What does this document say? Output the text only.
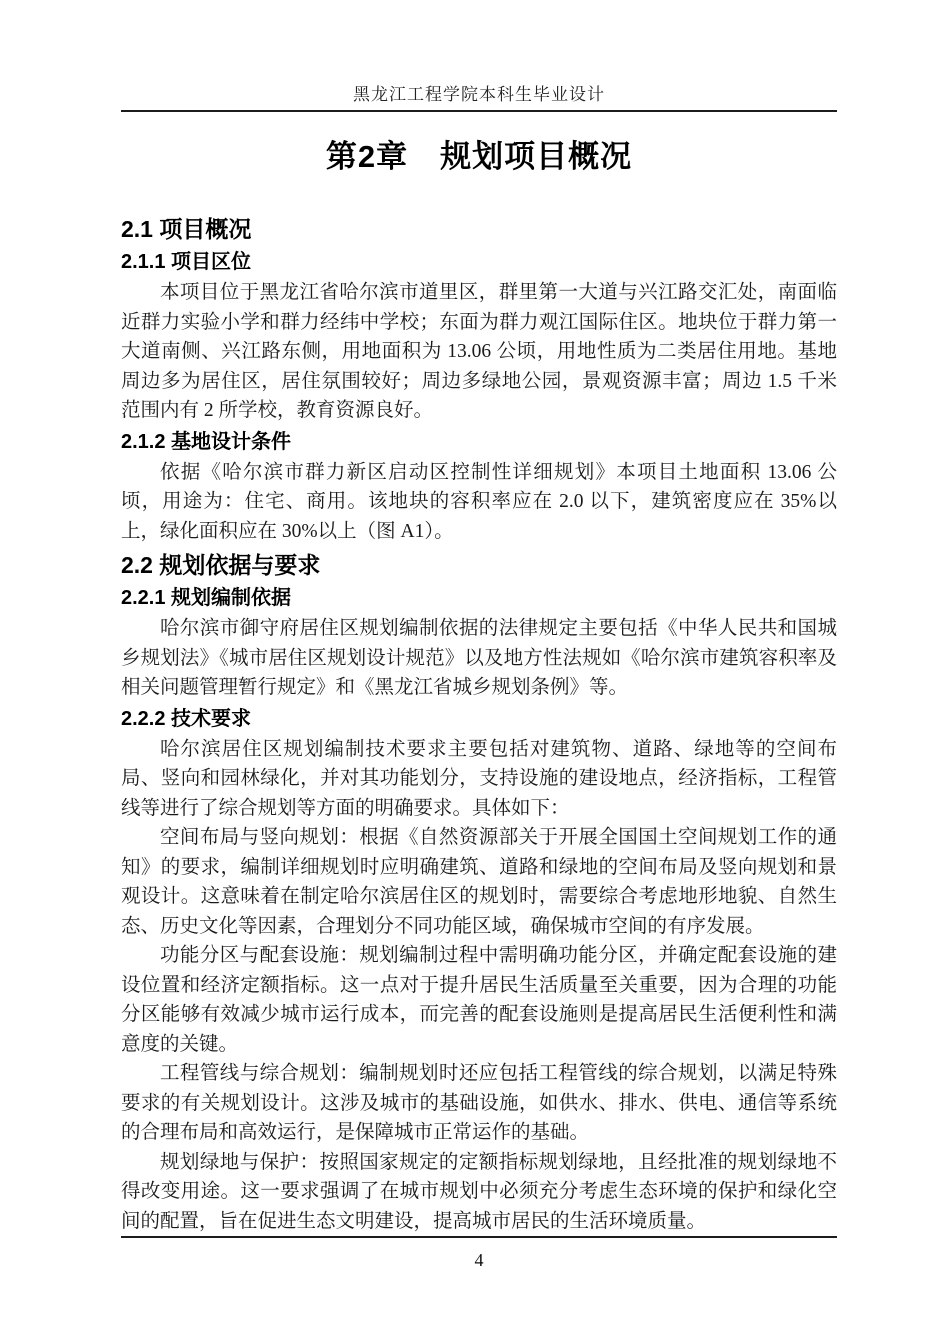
黑龙江工程学院本科生毕业设计
第2章　规划项目概况
2.1 项目概况
2.1.1 项目区位

本项目位于黑龙江省哈尔滨市道里区，群里第一大道与兴江路交汇处，南面临近群力实验小学和群力经纬中学校；东面为群力观江国际住区。地块位于群力第一大道南侧、兴江路东侧，用地面积为 13.06 公顷，用地性质为二类居住用地。基地周边多为居住区，居住氛围较好；周边多绿地公园，景观资源丰富；周边 1.5 千米范围内有 2 所学校，教育资源良好。

2.1.2 基地设计条件

依据《哈尔滨市群力新区启动区控制性详细规划》本项目土地面积 13.06 公顷，用途为：住宅、商用。该地块的容积率应在 2.0 以下，建筑密度应在 35%以上，绿化面积应在 30%以上（图 A1）。

2.2 规划依据与要求
2.2.1 规划编制依据

哈尔滨市御守府居住区规划编制依据的法律规定主要包括《中华人民共和国城乡规划法》《城市居住区规划设计规范》以及地方性法规如《哈尔滨市建筑容积率及相关问题管理暂行规定》和《黑龙江省城乡规划条例》等。

2.2.2 技术要求

哈尔滨居住区规划编制技术要求主要包括对建筑物、道路、绿地等的空间布局、竖向和园林绿化，并对其功能划分，支持设施的建设地点，经济指标，工程管线等进行了综合规划等方面的明确要求。具体如下：

空间布局与竖向规划：根据《自然资源部关于开展全国国土空间规划工作的通知》的要求，编制详细规划时应明确建筑、道路和绿地的空间布局及竖向规划和景观设计。这意味着在制定哈尔滨居住区的规划时，需要综合考虑地形地貌、自然生态、历史文化等因素，合理划分不同功能区域，确保城市空间的有序发展。

功能分区与配套设施：规划编制过程中需明确功能分区，并确定配套设施的建设位置和经济定额指标。这一点对于提升居民生活质量至关重要，因为合理的功能分区能够有效减少城市运行成本，而完善的配套设施则是提高居民生活便利性和满意度的关键。

工程管线与综合规划：编制规划时还应包括工程管线的综合规划，以满足特殊要求的有关规划设计。这涉及城市的基础设施，如供水、排水、供电、通信等系统的合理布局和高效运行，是保障城市正常运作的基础。

规划绿地与保护：按照国家规定的定额指标规划绿地，且经批准的规划绿地不得改变用途。这一要求强调了在城市规划中必须充分考虑生态环境的保护和绿化空间的配置，旨在促进生态文明建设，提高城市居民的生活环境质量。

4
